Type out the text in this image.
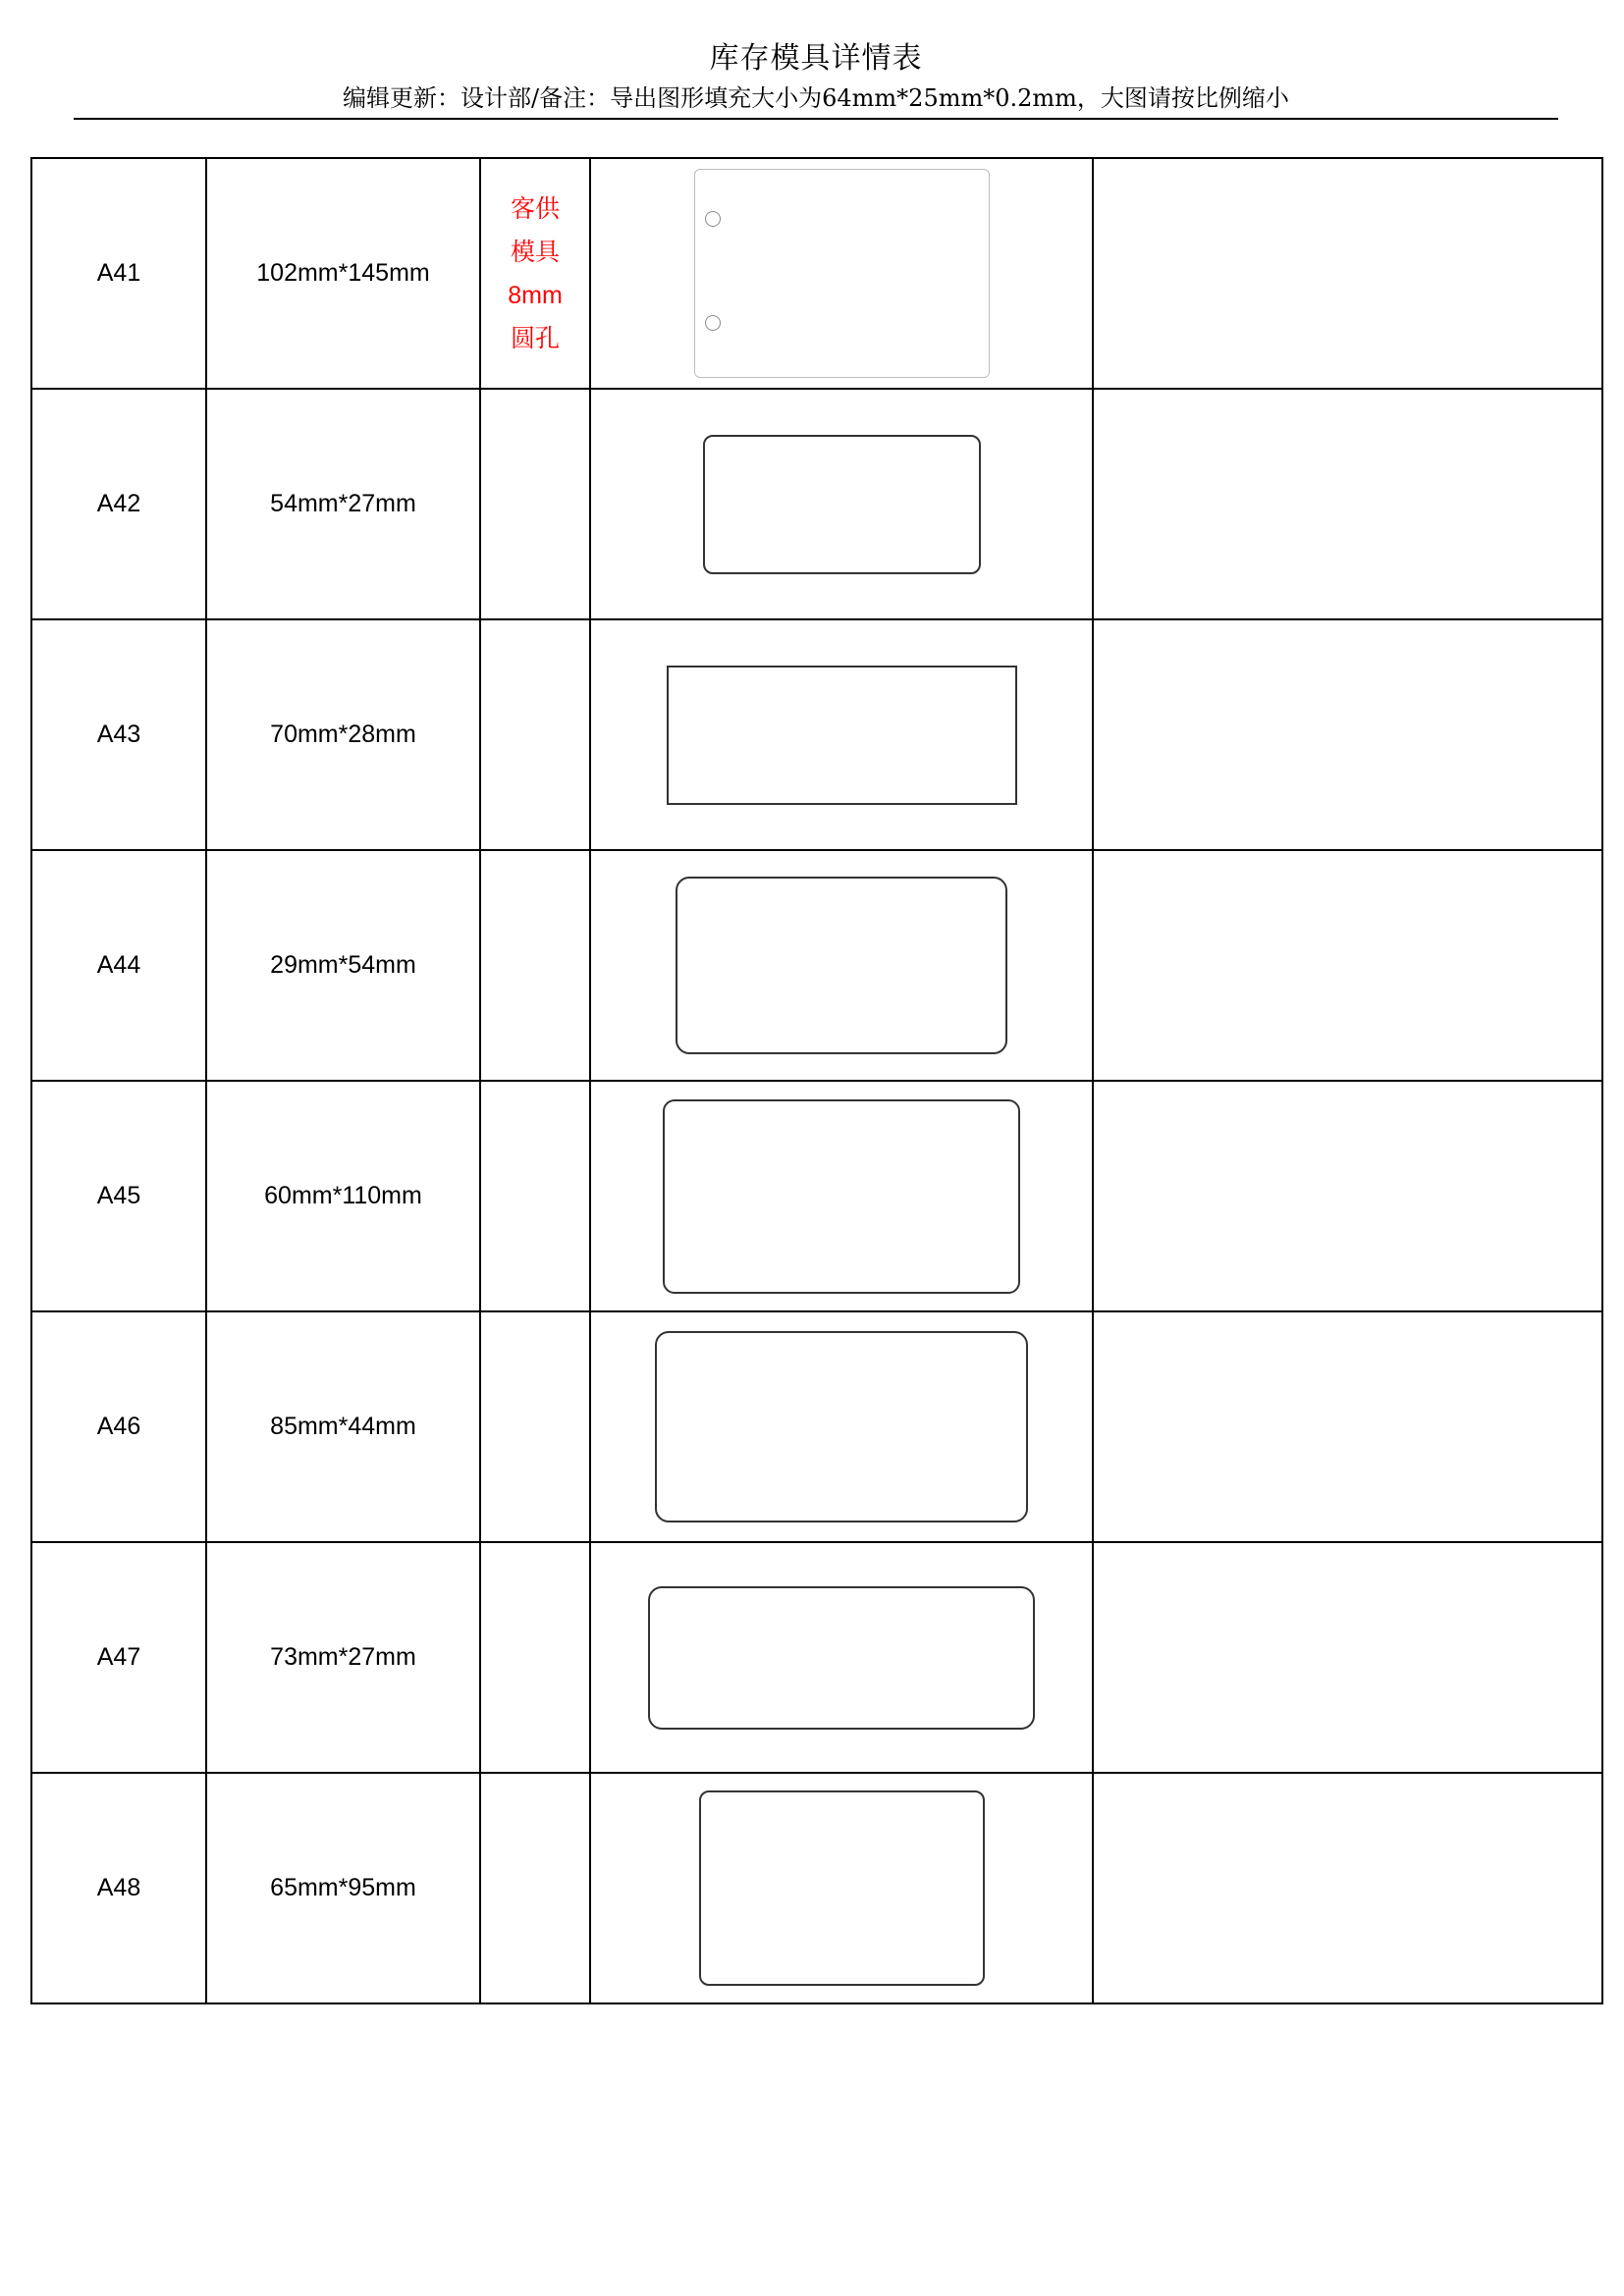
库存模具详情表
编辑更新：设计部/备注：导出图形填充大小为64mm*25mm*0.2mm，大图请按比例缩小
A41	102mm*145mm	客供
模具
8mm
圆孔	

A42	54mm*27mm		

A43	70mm*28mm		

A44	29mm*54mm		

A45	60mm*110mm		

A46	85mm*44mm		

A47	73mm*27mm		

A48	65mm*95mm		
